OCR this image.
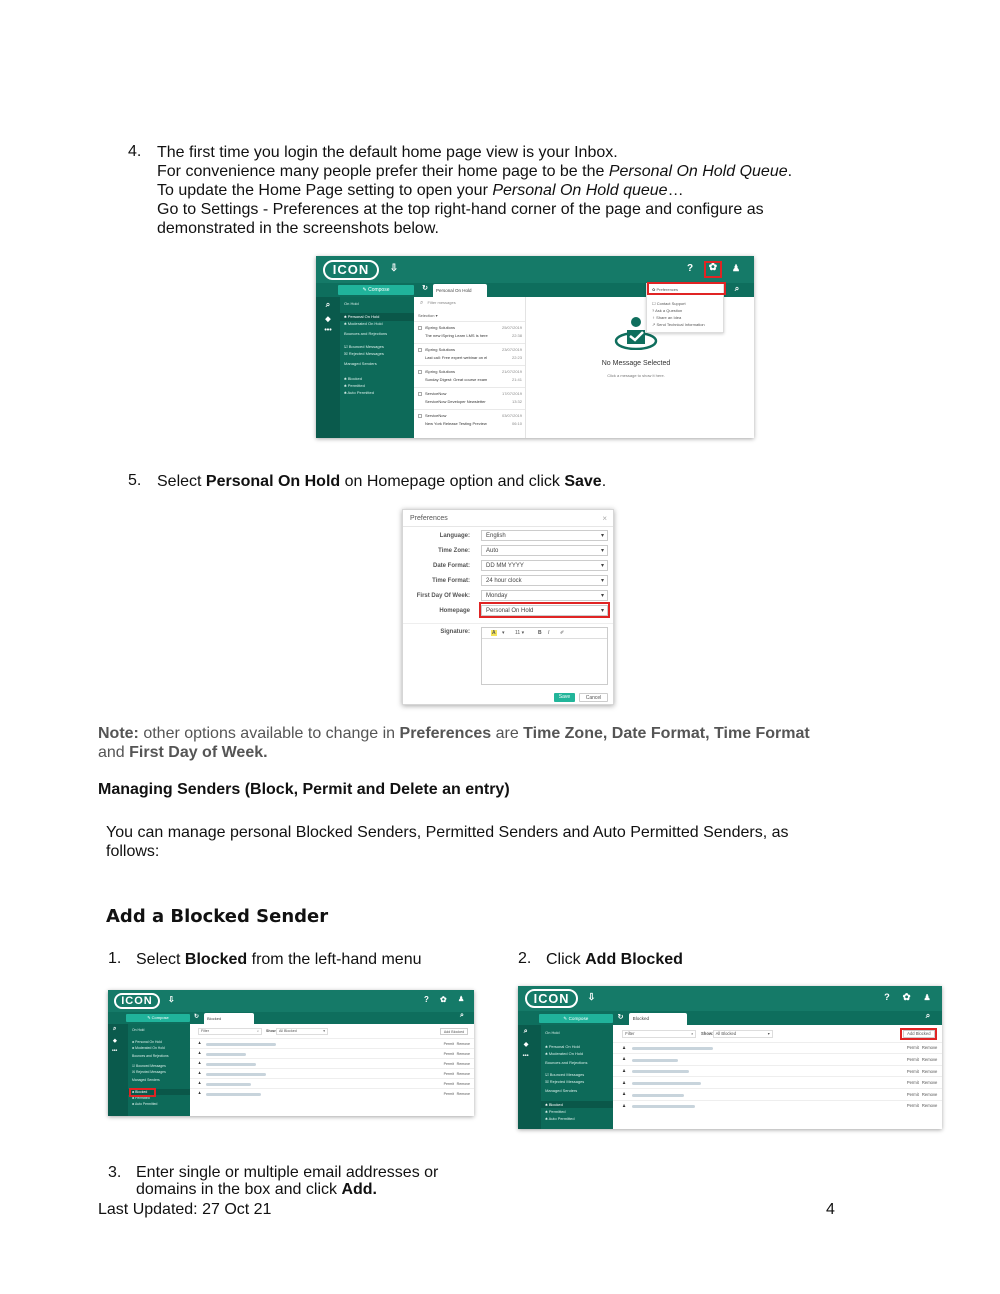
4. The first time you login the default home page view is your Inbox.
For convenience many people prefer their home page to be the Personal On Hold Queue.
To update the Home Page setting to open your Personal On Hold queue…
Go to Settings - Preferences at the top right-hand corner of the page and configure as
demonstrated in the screenshots below.
ICON	⇩	? ✿	♟
✎ Compose	↻	Personal On Hold	⌕
⌕
◆
•••
On Hold
♣ Personal On Hold
♣ Moderated On Hold
Bounces and Rejections
☑ Bounced Messages
☒ Rejected Messages
Managed Senders
♣ Blocked
♣ Permitted
♣ Auto Permitted
⌕ Filter messages
Selection ▾
iSpring Solutions	25/07/2019
The new iSpring Learn LMS is here	22:38
iSpring Solutions	23/07/2019
Last call: Free expert webinar on el	22:23
iSpring Solutions	21/07/2019
Sunday Digest: Great course exam	21:41
ServiceNow	17/07/2019
ServiceNow Developer Newsletter	13:32
ServiceNow	03/07/2019
New York Release Testing Preview	06:10
No Message Selected
Click a message to show it here.
✿ Preferences
☐ Contact Support
? Ask a Question
♀ Share an Idea
↗ Send Technical Information
5. Select Personal On Hold on Homepage option and click Save.
Preferences	×
Language:	English ▾
Time Zone:	Auto ▾
Date Format:	DD MM YYYY ▾
Time Format:	24 hour clock ▾
First Day Of Week:	Monday ▾
Homepage	Personal On Hold ▾
Signature:	A ▾ 11 ▾	B I ✐
Save	Cancel
Note: other options available to change in Preferences are Time Zone, Date Format, Time Format
and First Day of Week.
Managing Senders (Block, Permit and Delete an entry)
You can manage personal Blocked Senders, Permitted Senders and Auto Permitted Senders, as
follows:
Add a Blocked Sender
1. Select Blocked from the left-hand menu	2. Click Add Blocked
ICON	⇩	? ✿ ♟
✎ Compose	↻	Blocked	⌕
⌕
◆
•••
On Hold
♣ Personal On Hold
♣ Moderated On Hold
Bounces and Rejections
☑ Bounced Messages
☒ Rejected Messages
Managed Senders
♣ Blocked
♣ Permitted
♣ Auto Permitted
Filter	⌕ Show: All Blocked	▾	Add Blocked
♟	Permit Remove
♟	Permit Remove
♟	Permit Remove
♟	Permit Remove
♟	Permit Remove
♟	Permit Remove
ICON	⇩	? ✿ ♟
✎ Compose	↻	Blocked	⌕
⌕
◆
•••
On Hold
♣ Personal On Hold
♣ Moderated On Hold
Bounces and Rejections
☑ Bounced Messages
☒ Rejected Messages
Managed Senders
♣ Blocked
♣ Permitted
♣ Auto Permitted
Filter	⌕ Show: All Blocked	▾	Add Blocked
♟	Permit Remove
♟	Permit Remove
♟	Permit Remove
♟	Permit Remove
♟	Permit Remove
♟	Permit Remove
3. Enter single or multiple email addresses or
domains in the box and click Add.
Last Updated: 27 Oct 21	4
